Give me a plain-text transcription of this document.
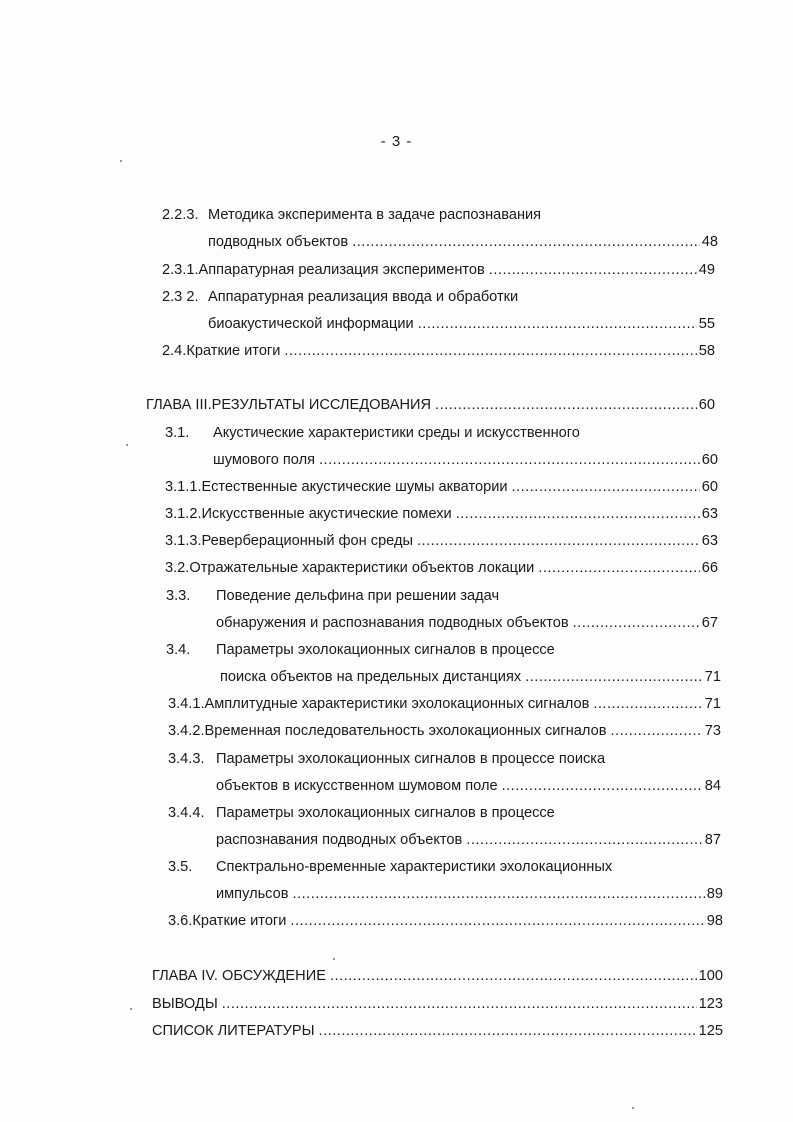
- 3 -
2.2.3. Методика эксперимента в задаче распознавания
подводных объектов .....	48
2.3.1. Аппаратурная реализация экспериментов .....	49
2.3 2. Аппаратурная реализация ввода и обработки
биоакустической информации .....	55
2.4. Краткие итоги .....	58
ГЛАВА III. РЕЗУЛЬТАТЫ ИССЛЕДОВАНИЯ .....	60
3.1.	Акустические характеристики среды и искусственного
шумового поля .....	60
3.1.1. Естественные акустические шумы акватории .....	60
3.1.2. Искусственные акустические помехи .....	63
3.1.3. Реверберационный фон среды .....	63
3.2. Отражательные характеристики объектов локации .....	66
3.3.	Поведение дельфина при решении задач
обнаружения и распознавания подводных объектов .....	67
3.4.	Параметры эхолокационных сигналов в процессе
поиска объектов на предельных дистанциях .....	71
3.4.1. Амплитудные характеристики эхолокационных сигналов .....	71
3.4.2. Временная последовательность эхолокационных сигналов .....	73
3.4.3. Параметры эхолокационных сигналов в процессе поиска
объектов в искусственном шумовом поле .....	84
3.4.4. Параметры эхолокационных сигналов в процессе
распознавания подводных объектов .....	87
3.5.	Спектрально-временные характеристики эхолокационных
импульсов .....	89
3.6. Краткие итоги .....	98
ГЛАВА IV. ОБСУЖДЕНИЕ .....	100
ВЫВОДЫ .....	123
СПИСОК ЛИТЕРАТУРЫ .....	125
